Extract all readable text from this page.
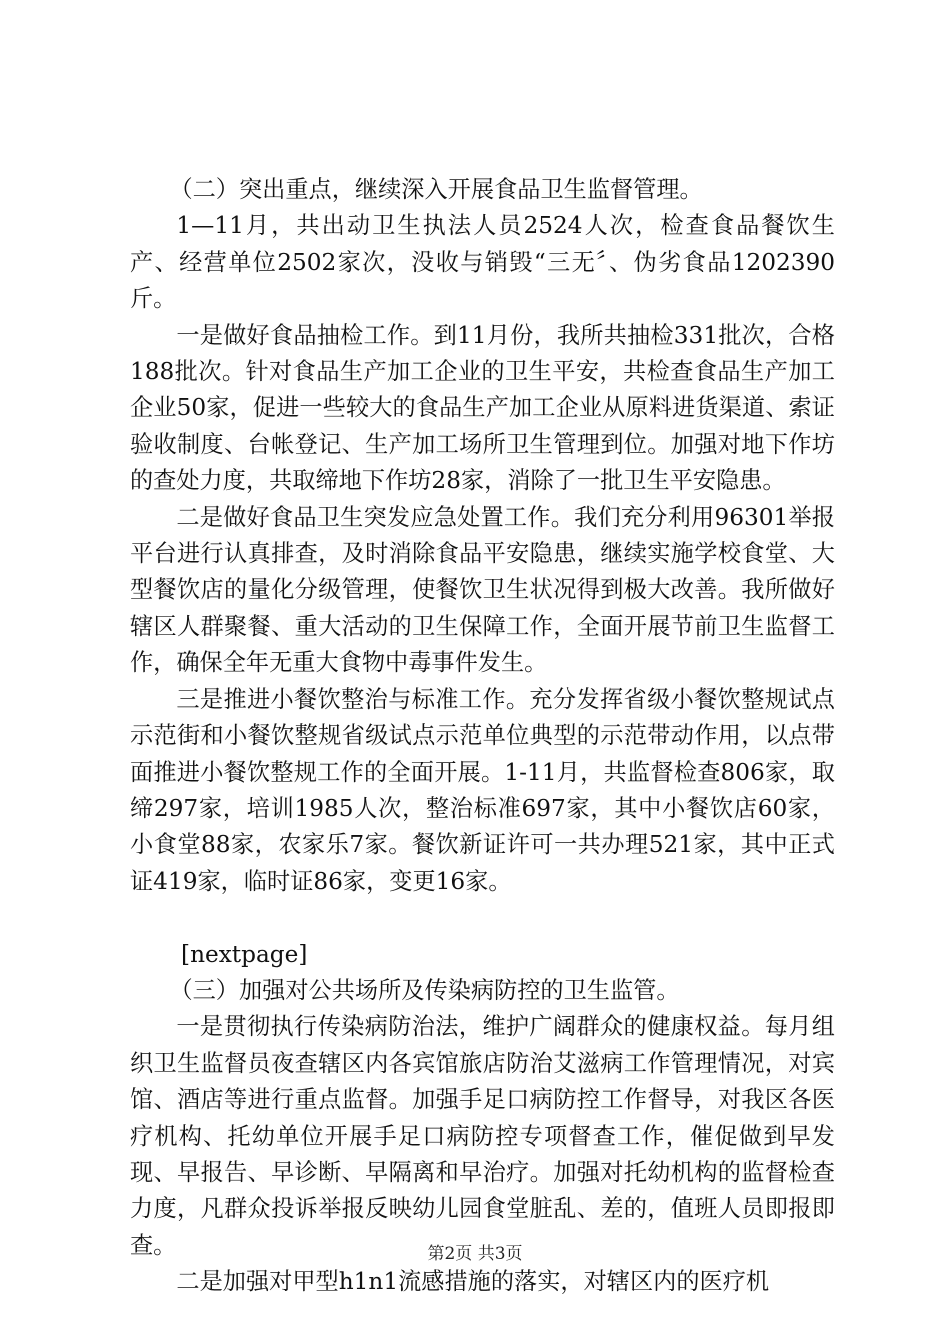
（二）突出重点，继续深入开展食品卫生监督管理。

1—11月，共出动卫生执法人员2524人次，检查食品餐饮生产、经营单位2502家次，没收与销毁“三无〞、伪劣食品1202390斤。

一是做好食品抽检工作。到11月份，我所共抽检331批次，合格188批次。针对食品生产加工企业的卫生平安，共检查食品生产加工企业50家，促进一些较大的食品生产加工企业从原料进货渠道、索证验收制度、台帐登记、生产加工场所卫生管理到位。加强对地下作坊的查处力度，共取缔地下作坊28家，消除了一批卫生平安隐患。

二是做好食品卫生突发应急处置工作。我们充分利用96301举报平台进行认真排查，及时消除食品平安隐患，继续实施学校食堂、大型餐饮店的量化分级管理，使餐饮卫生状况得到极大改善。我所做好辖区人群聚餐、重大活动的卫生保障工作，全面开展节前卫生监督工作，确保全年无重大食物中毒事件发生。

三是推进小餐饮整治与标准工作。充分发挥省级小餐饮整规试点示范街和小餐饮整规省级试点示范单位典型的示范带动作用，以点带面推进小餐饮整规工作的全面开展。1-11月，共监督检查806家，取缔297家，培训1985人次，整治标准697家，其中小餐饮店60家，小食堂88家，农家乐7家。餐饮新证许可一共办理521家，其中正式证419家，临时证86家，变更16家。

[nextpage]

（三）加强对公共场所及传染病防控的卫生监管。

一是贯彻执行传染病防治法，维护广阔群众的健康权益。每月组织卫生监督员夜查辖区内各宾馆旅店防治艾滋病工作管理情况，对宾馆、酒店等进行重点监督。加强手足口病防控工作督导，对我区各医疗机构、托幼单位开展手足口病防控专项督查工作，催促做到早发现、早报告、早诊断、早隔离和早治疗。加强对托幼机构的监督检查力度，凡群众投诉举报反映幼儿园食堂脏乱、差的，值班人员即报即查。

二是加强对甲型h1n1流感措施的落实，对辖区内的医疗机

第2页 共3页
